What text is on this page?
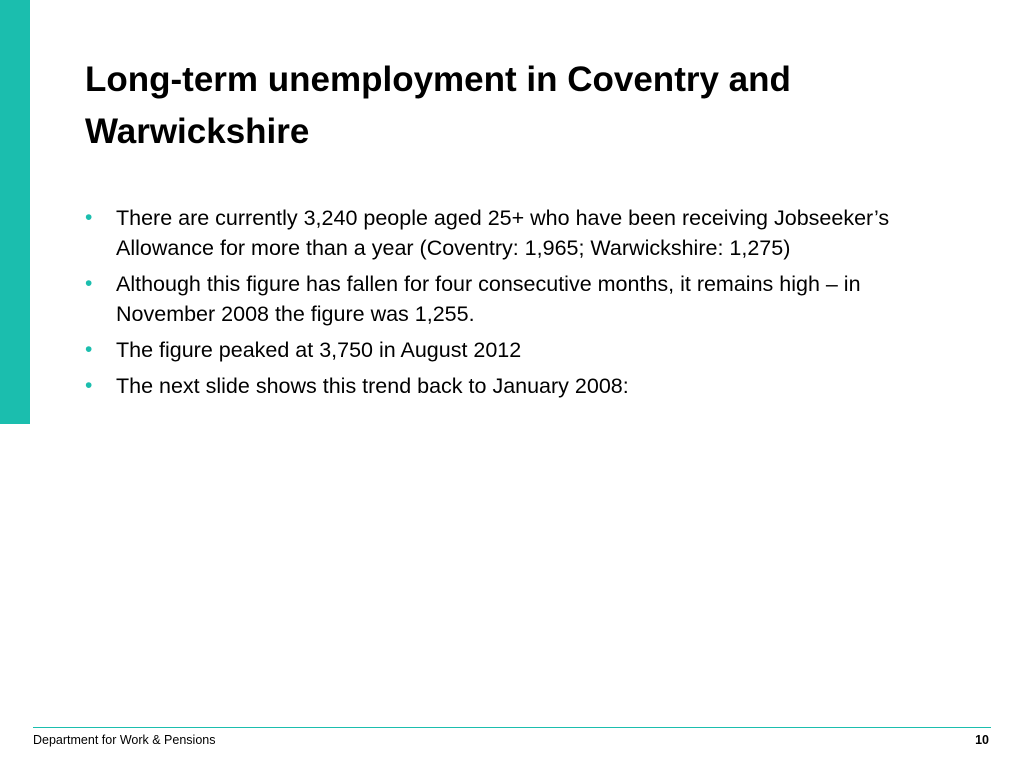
Long-term unemployment in Coventry and Warwickshire
• There are currently 3,240 people aged 25+ who have been receiving Jobseeker’s Allowance for more than a year (Coventry: 1,965; Warwickshire: 1,275)
• Although this figure has fallen for four consecutive months, it remains high – in November 2008 the figure was 1,255.
• The figure peaked at 3,750 in August 2012
• The next slide shows this trend back to January 2008:
Department for Work & Pensions	10
